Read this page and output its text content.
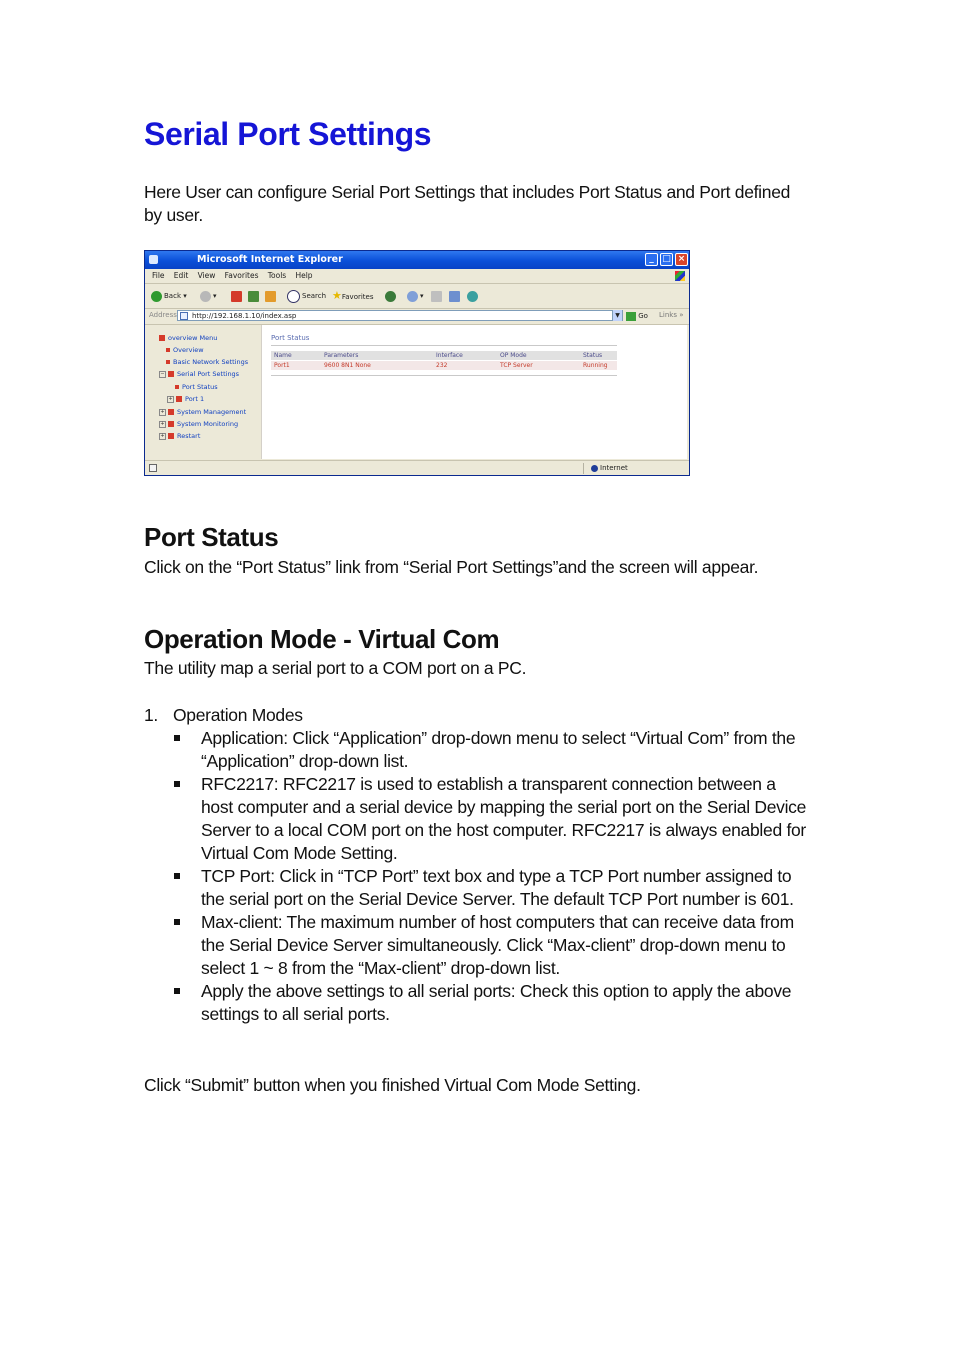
Serial Port Settings

Here User can configure Serial Port Settings that includes Port Status and Port defined by user.

Microsoft Internet Explorer	_ □ ×
File Edit View Favorites Tools Help
Back ▾	▾	Search ★Favorites	▾
Address	http://192.168.1.10/index.asp	▼	Go Links »
overview Menu
Overview
Basic Network Settings
− Serial Port Settings
Port Status
+ Port 1
+ System Management
+ System Monitoring
+ Restart
Port Status
Name	Parameters	Interface	OP Mode	Status
Port1	9600 8N1 None	232	TCP Server	Running
Internet
Port Status

Click on the “Port Status” link from “Serial Port Settings”and the screen will appear.

Operation Mode - Virtual Com

The utility map a serial port to a COM port on a PC.

1. Operation Modes
Application: Click “Application” drop-down menu to select “Virtual Com” from the “Application” drop-down list.
RFC2217: RFC2217 is used to establish a transparent connection between a host computer and a serial device by mapping the serial port on the Serial Device Server to a local COM port on the host computer. RFC2217 is always enabled for Virtual Com Mode Setting.
TCP Port: Click in “TCP Port” text box and type a TCP Port number assigned to the serial port on the Serial Device Server. The default TCP Port number is 601.
Max-client: The maximum number of host computers that can receive data from the Serial Device Server simultaneously. Click “Max-client” drop-down menu to select 1 ~ 8 from the “Max-client” drop-down list.
Apply the above settings to all serial ports: Check this option to apply the above settings to all serial ports.

Click “Submit” button when you finished Virtual Com Mode Setting.
